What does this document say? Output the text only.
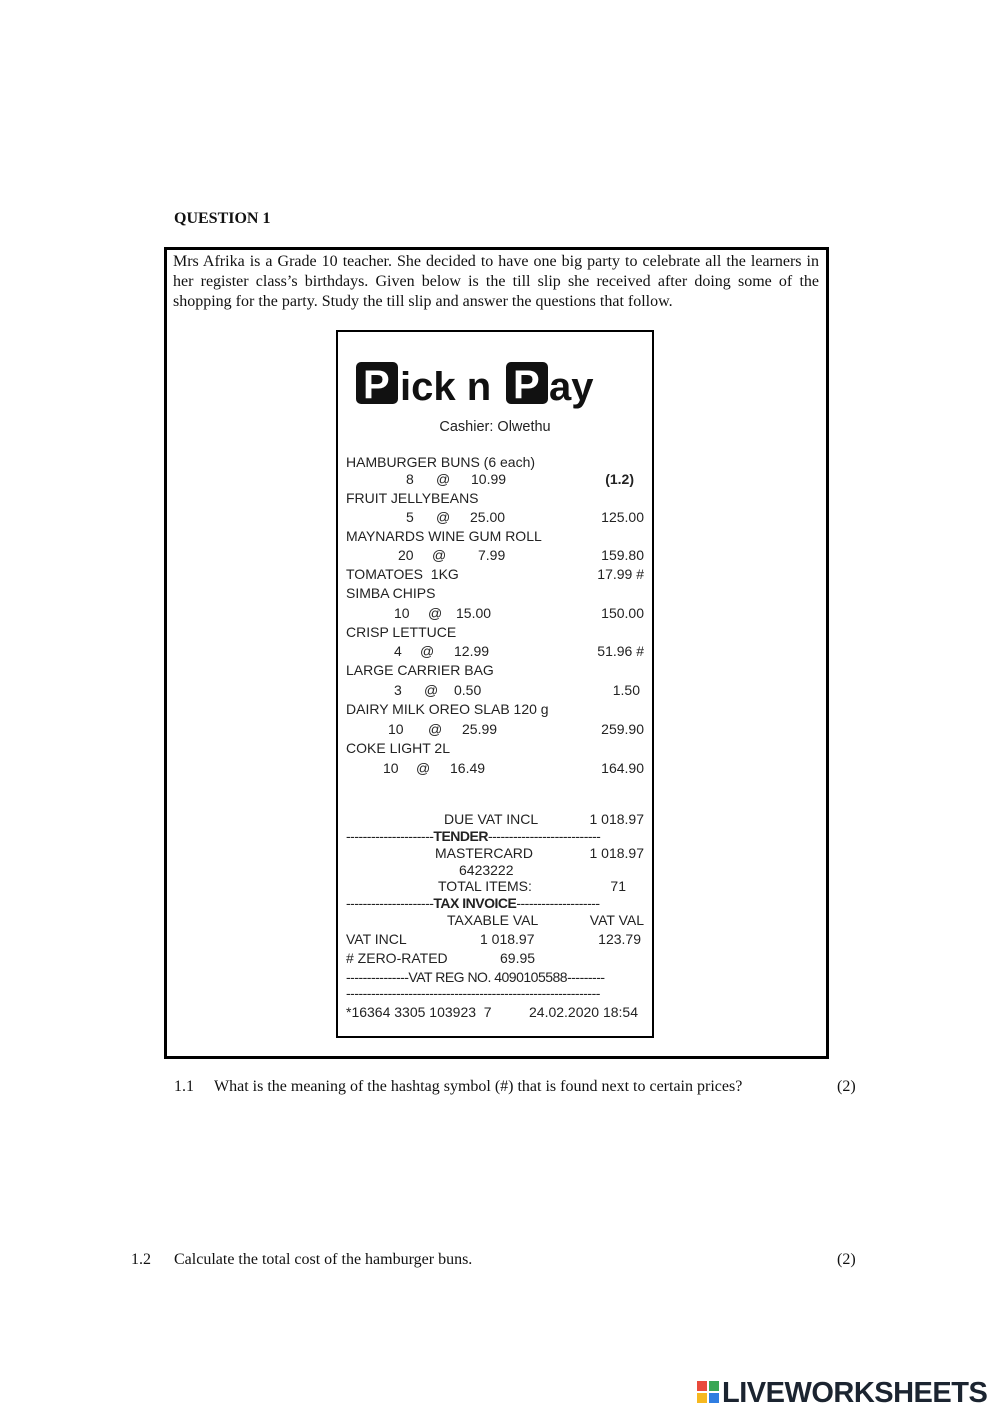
QUESTION 1
Mrs Afrika is a Grade 10 teacher. She decided to have one big party to celebrate all the learners in her register class’s birthdays. Given below is the till slip she received after doing some of the shopping for the party. Study the till slip and answer the questions that follow.
P ick n P ay
Cashier: Olwethu
HAMBURGER BUNS (6 each)
8 @ 10.99	(1.2)
FRUIT JELLYBEANS
5 @ 25.00	125.00
MAYNARDS WINE GUM ROLL
20 @ 7.99	159.80
TOMATOES  1KG	17.99 #
SIMBA CHIPS
10 @ 15.00	150.00
CRISP LETTUCE
4 @ 12.99	51.96 #
LARGE CARRIER BAG
3 @ 0.50	1.50
DAIRY MILK OREO SLAB 120 g
10 @ 25.99	259.90
COKE LIGHT 2L
10 @ 16.49	164.90
DUE VAT INCL	1 018.97
---------------------TENDER---------------------------
MASTERCARD	1 018.97
6423222
TOTAL ITEMS:	71
---------------------TAX INVOICE--------------------
TAXABLE VAL	VAT VAL
VAT INCL	1 018.97	123.79
# ZERO-RATED	69.95
---------------VAT REG NO. 4090105588---------
-------------------------------------------------------------
*16364 3305 103923  7	24.02.2020 18:54
1.1 What is the meaning of the hashtag symbol (#) that is found next to certain prices?	(2)
1.2 Calculate the total cost of the hamburger buns.	(2)
LIVEWORKSHEETS
